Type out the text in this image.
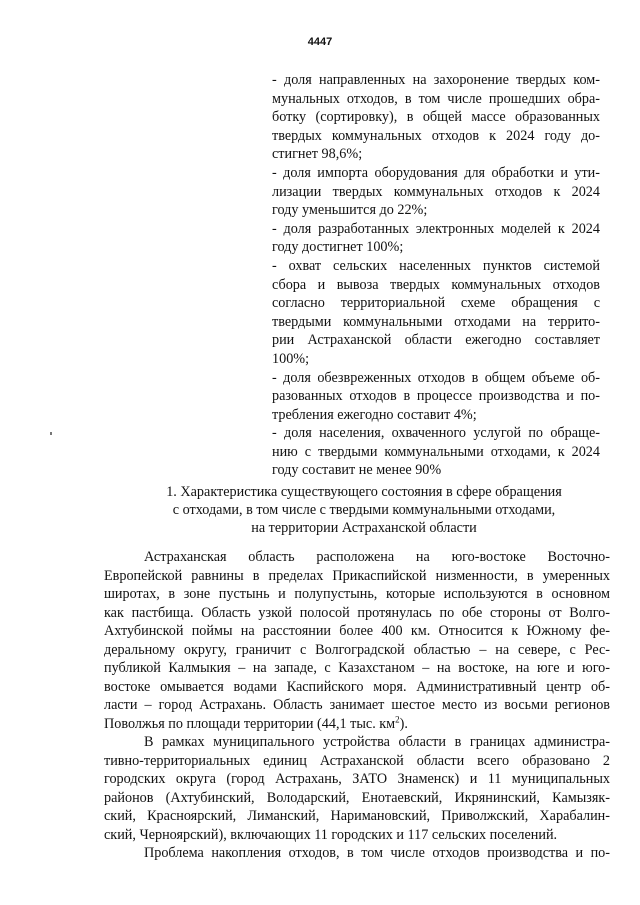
4447
- доля направленных на захоронение твердых ком-
мунальных отходов, в том числе прошедших обра-
ботку (сортировку), в общей массе образованных
твердых коммунальных отходов к 2024 году до-
стигнет 98,6%;
- доля импорта оборудования для обработки и ути-
лизации твердых коммунальных отходов к 2024
году уменьшится до 22%;
- доля разработанных электронных моделей к 2024
году достигнет 100%;
- охват сельских населенных пунктов системой
сбора и вывоза твердых коммунальных отходов
согласно территориальной схеме обращения с
твердыми коммунальными отходами на террито-
рии Астраханской области ежегодно составляет
100%;
- доля обезвреженных отходов в общем объеме об-
разованных отходов в процессе производства и по-
требления ежегодно составит 4%;
- доля населения, охваченного услугой по обраще-
нию с твердыми коммунальными отходами, к 2024
году составит не менее 90%
1. Характеристика существующего состояния в сфере обращения
с отходами, в том числе с твердыми коммунальными отходами,
на территории Астраханской области
Астраханская область расположена на юго-востоке Восточно-
Европейской равнины в пределах Прикаспийской низменности, в умеренных
широтах, в зоне пустынь и полупустынь, которые используются в основном
как пастбища. Область узкой полосой протянулась по обе стороны от Волго-
Ахтубинской поймы на расстоянии более 400 км. Относится к Южному фе-
деральному округу, граничит с Волгоградской областью – на севере, с Рес-
публикой Калмыкия – на западе, с Казахстаном – на востоке, на юге и юго-
востоке омывается водами Каспийского моря. Административный центр об-
ласти – город Астрахань. Область занимает шестое место из восьми регионов
Поволжья по площади территории (44,1 тыс. $км^2$).
В рамках муниципального устройства области в границах администра-
тивно-территориальных единиц Астраханской области всего образовано 2
городских округа (город Астрахань, ЗАТО Знаменск) и 11 муниципальных
районов (Ахтубинский, Володарский, Енотаевский, Икрянинский, Камызяк-
ский, Красноярский, Лиманский, Наримановский, Приволжский, Харабалин-
ский, Черноярский), включающих 11 городских и 117 сельских поселений.
Проблема накопления отходов, в том числе отходов производства и по-
